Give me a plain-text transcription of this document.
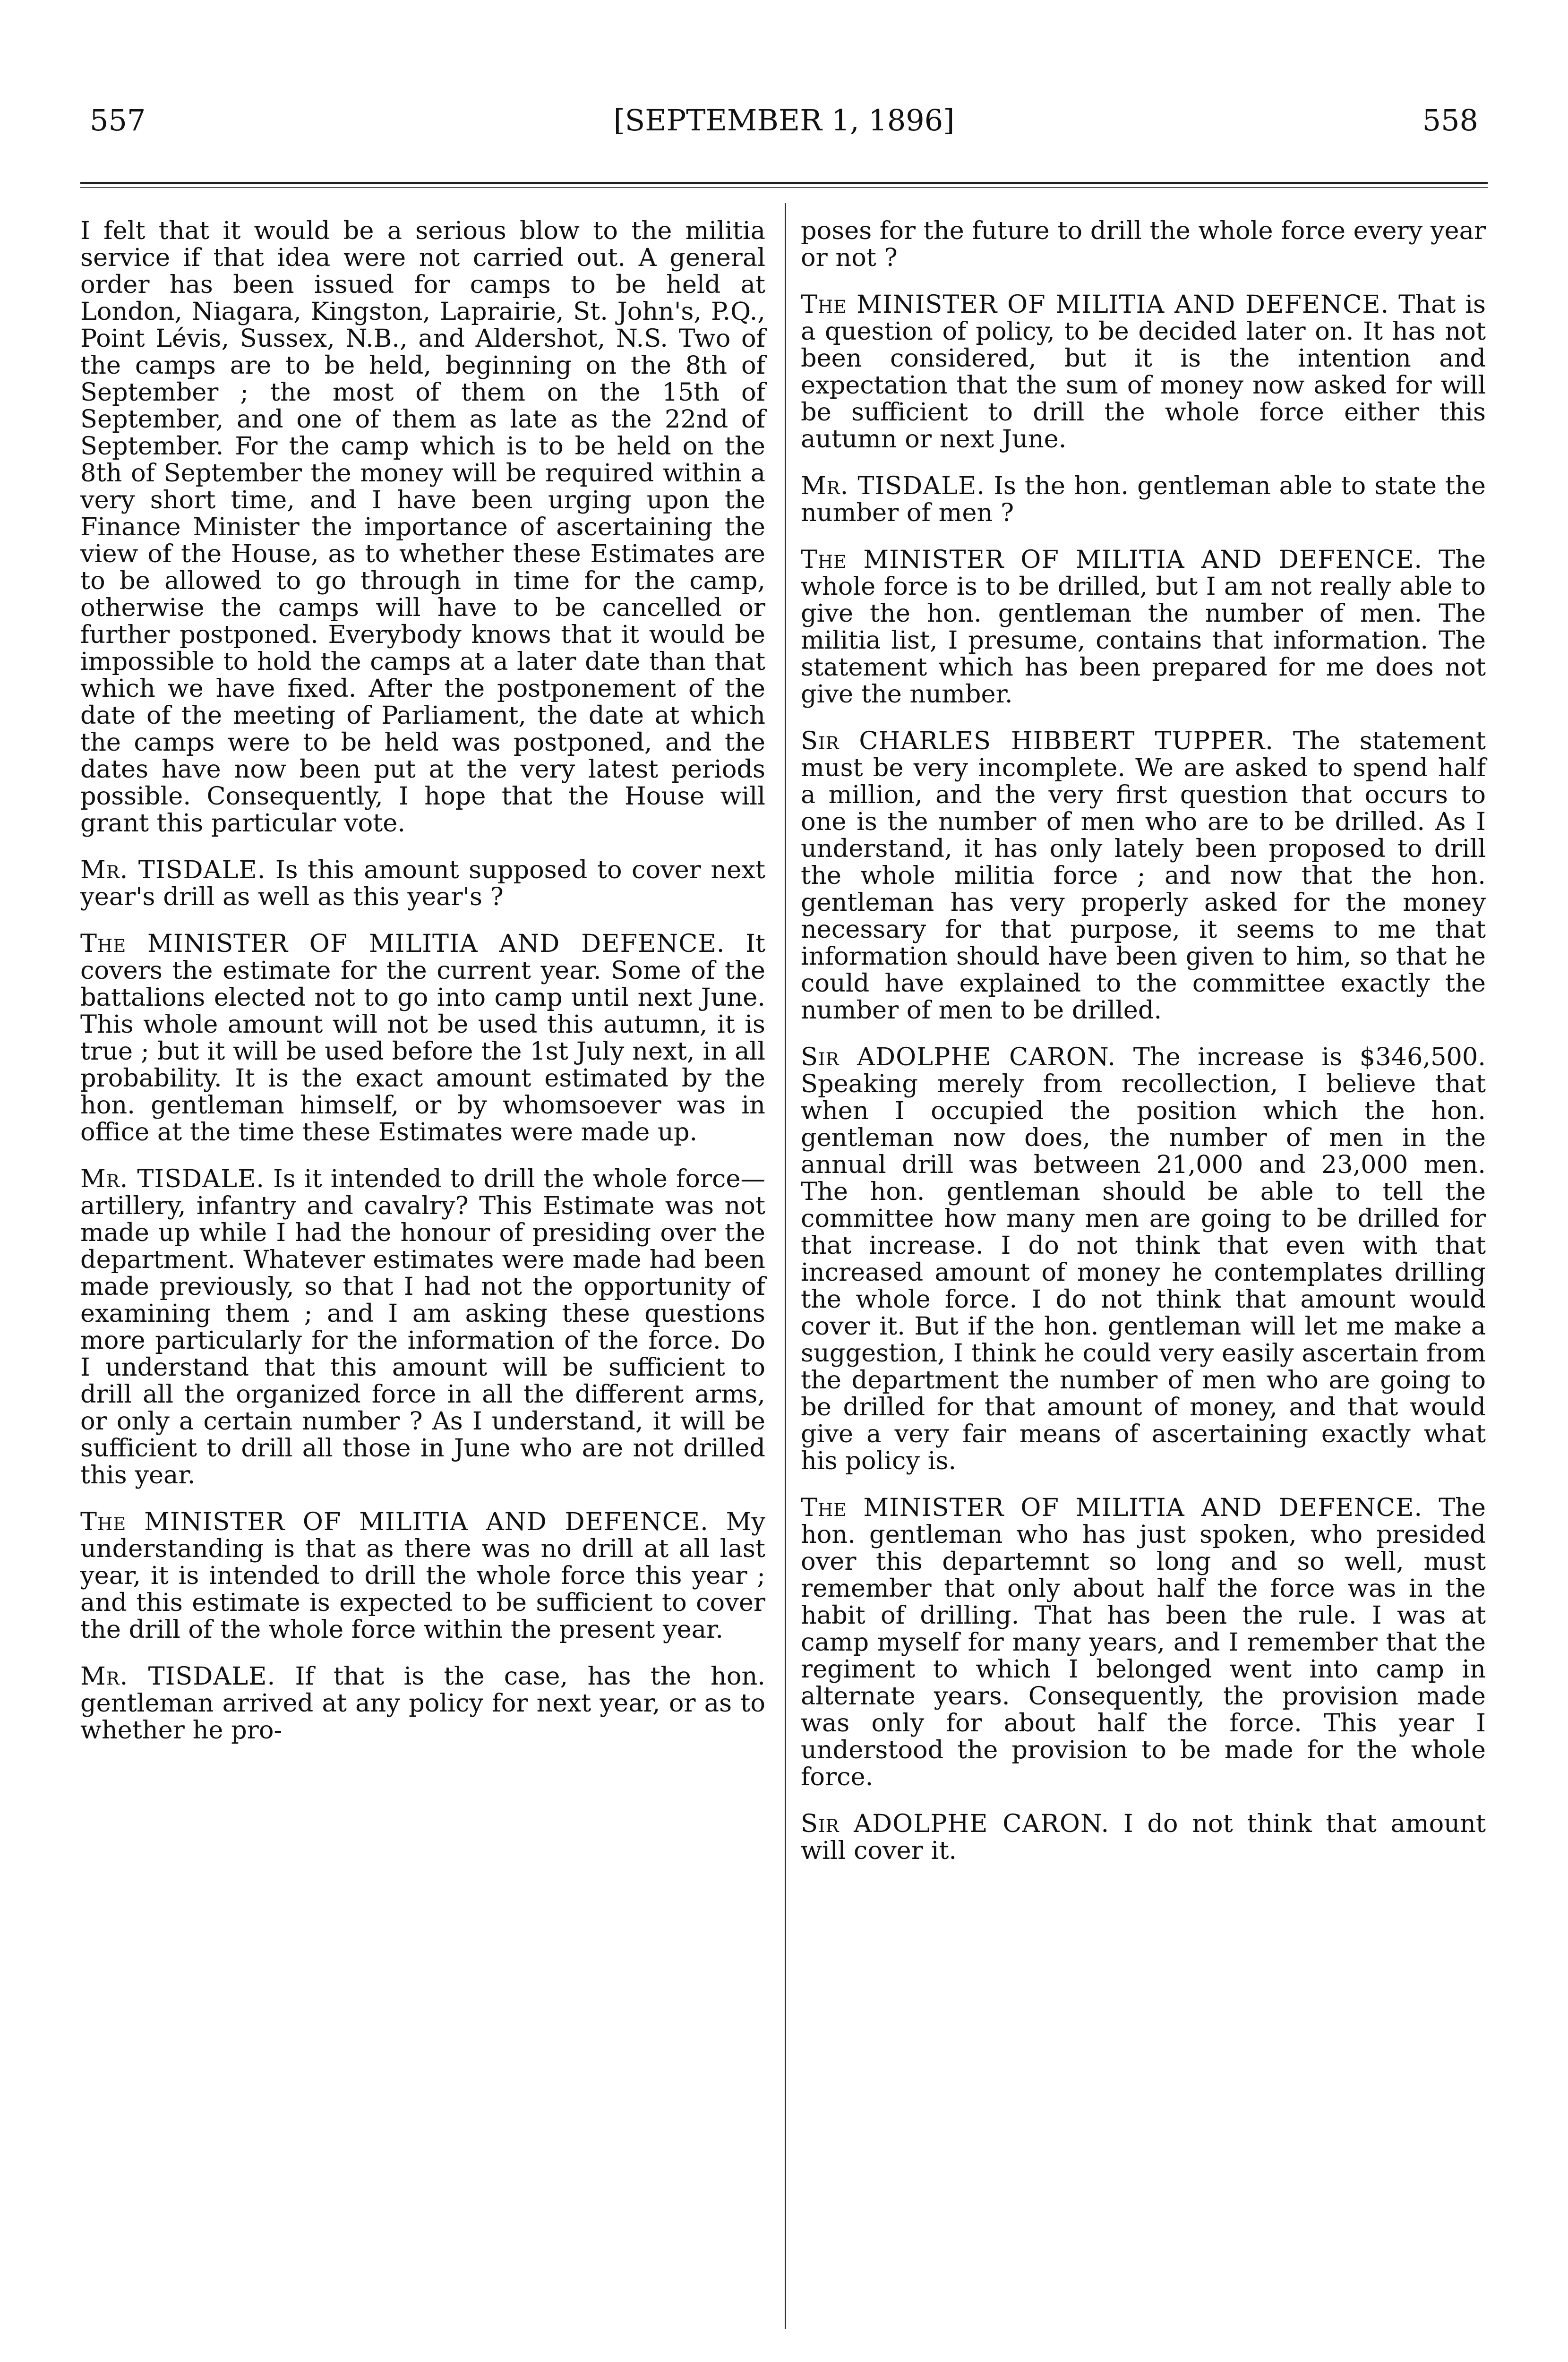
557	[SEPTEMBER 1, 1896]	558

I felt that it would be a serious blow to the militia service if that idea were not carried out. A general order has been issued for camps to be held at London, Niagara, Kingston, Laprairie, St. John's, P.Q., Point Lévis, Sussex, N.B., and Aldershot, N.S. Two of the camps are to be held, beginning on the 8th of September ; the most of them on the 15th of September, and one of them as late as the 22nd of September. For the camp which is to be held on the 8th of September the money will be required within a very short time, and I have been urging upon the Finance Minister the importance of ascertaining the view of the House, as to whether these Estimates are to be allowed to go through in time for the camp, otherwise the camps will have to be cancelled or further postponed. Everybody knows that it would be impossible to hold the camps at a later date than that which we have fixed. After the postponement of the date of the meeting of Parliament, the date at which the camps were to be held was postponed, and the dates have now been put at the very latest periods possible. Consequently, I hope that the House will grant this particular vote.

Mr. TISDALE. Is this amount supposed to cover next year's drill as well as this year's ?

The MINISTER OF MILITIA AND DEFENCE. It covers the estimate for the current year. Some of the battalions elected not to go into camp until next June. This whole amount will not be used this autumn, it is true ; but it will be used before the 1st July next, in all probability. It is the exact amount estimated by the hon. gentleman himself, or by whomsoever was in office at the time these Estimates were made up.

Mr. TISDALE. Is it intended to drill the whole force—artillery, infantry and cavalry? This Estimate was not made up while I had the honour of presiding over the department. Whatever estimates were made had been made previously, so that I had not the opportunity of examining them ; and I am asking these questions more particularly for the information of the force. Do I understand that this amount will be sufficient to drill all the organized force in all the different arms, or only a certain number ? As I understand, it will be sufficient to drill all those in June who are not drilled this year.

The MINISTER OF MILITIA AND DEFENCE. My understanding is that as there was no drill at all last year, it is intended to drill the whole force this year ; and this estimate is expected to be sufficient to cover the drill of the whole force within the present year.

Mr. TISDALE. If that is the case, has the hon. gentleman arrived at any policy for next year, or as to whether he pro-

poses for the future to drill the whole force every year or not ?

The MINISTER OF MILITIA AND DEFENCE. That is a question of policy, to be decided later on. It has not been considered, but it is the intention and expectation that the sum of money now asked for will be sufficient to drill the whole force either this autumn or next June.

Mr. TISDALE. Is the hon. gentleman able to state the number of men ?

The MINISTER OF MILITIA AND DEFENCE. The whole force is to be drilled, but I am not really able to give the hon. gentleman the number of men. The militia list, I presume, contains that information. The statement which has been prepared for me does not give the number.

Sir CHARLES HIBBERT TUPPER. The statement must be very incomplete. We are asked to spend half a million, and the very first question that occurs to one is the number of men who are to be drilled. As I understand, it has only lately been proposed to drill the whole militia force ; and now that the hon. gentleman has very properly asked for the money necessary for that purpose, it seems to me that information should have been given to him, so that he could have explained to the committee exactly the number of men to be drilled.

Sir ADOLPHE CARON. The increase is $346,500. Speaking merely from recollection, I believe that when I occupied the position which the hon. gentleman now does, the number of men in the annual drill was between 21,000 and 23,000 men. The hon. gentleman should be able to tell the committee how many men are going to be drilled for that increase. I do not think that even with that increased amount of money he contemplates drilling the whole force. I do not think that amount would cover it. But if the hon. gentleman will let me make a suggestion, I think he could very easily ascertain from the department the number of men who are going to be drilled for that amount of money, and that would give a very fair means of ascertaining exactly what his policy is.

The MINISTER OF MILITIA AND DEFENCE. The hon. gentleman who has just spoken, who presided over this departemnt so long and so well, must remember that only about half the force was in the habit of drilling. That has been the rule. I was at camp myself for many years, and I remember that the regiment to which I belonged went into camp in alternate years. Consequently, the provision made was only for about half the force. This year I understood the provision to be made for the whole force.

Sir ADOLPHE CARON. I do not think that amount will cover it.
